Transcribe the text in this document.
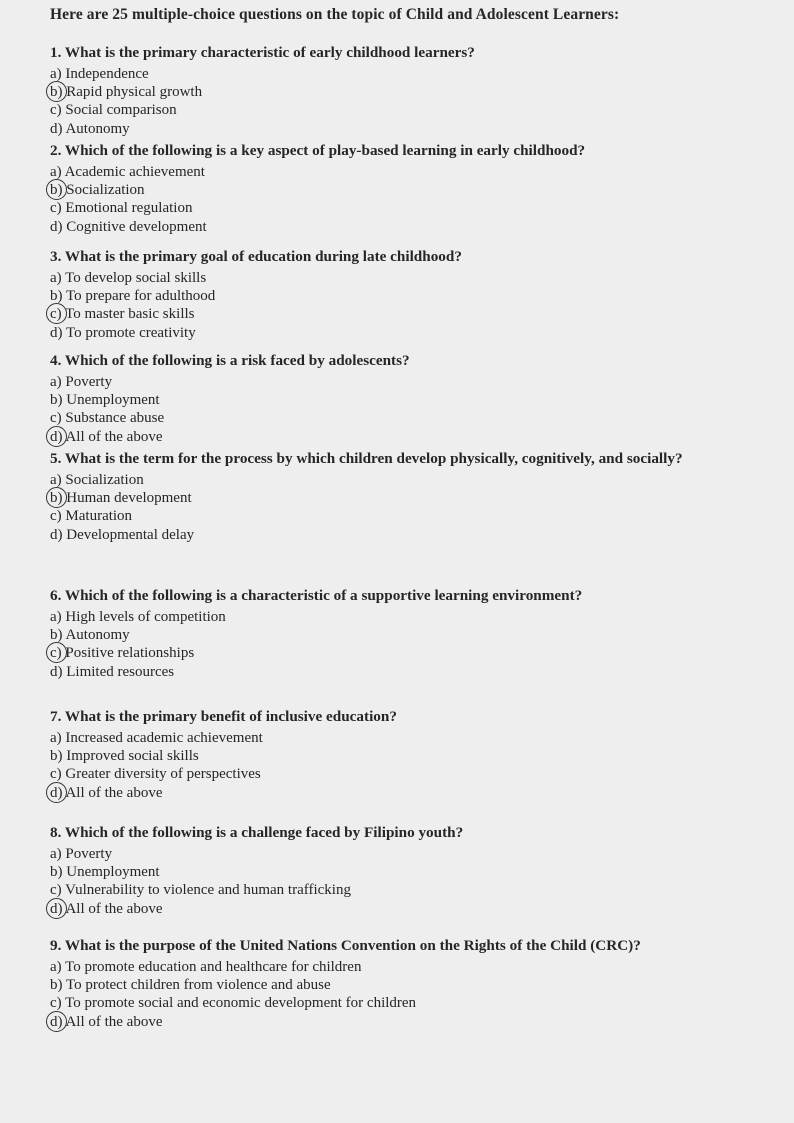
Here are 25 multiple-choice questions on the topic of Child and Adolescent Learners:
1. What is the primary characteristic of early childhood learners?
a) Independence
b) Rapid physical growth
c) Social comparison
d) Autonomy
2. Which of the following is a key aspect of play-based learning in early childhood?
a) Academic achievement
b) Socialization
c) Emotional regulation
d) Cognitive development
3. What is the primary goal of education during late childhood?
a) To develop social skills
b) To prepare for adulthood
c) To master basic skills
d) To promote creativity
4. Which of the following is a risk faced by adolescents?
a) Poverty
b) Unemployment
c) Substance abuse
d) All of the above
5. What is the term for the process by which children develop physically, cognitively, and socially?
a) Socialization
b) Human development
c) Maturation
d) Developmental delay
6. Which of the following is a characteristic of a supportive learning environment?
a) High levels of competition
b) Autonomy
c) Positive relationships
d) Limited resources
7. What is the primary benefit of inclusive education?
a) Increased academic achievement
b) Improved social skills
c) Greater diversity of perspectives
d) All of the above
8. Which of the following is a challenge faced by Filipino youth?
a) Poverty
b) Unemployment
c) Vulnerability to violence and human trafficking
d) All of the above
9. What is the purpose of the United Nations Convention on the Rights of the Child (CRC)?
a) To promote education and healthcare for children
b) To protect children from violence and abuse
c) To promote social and economic development for children
d) All of the above
